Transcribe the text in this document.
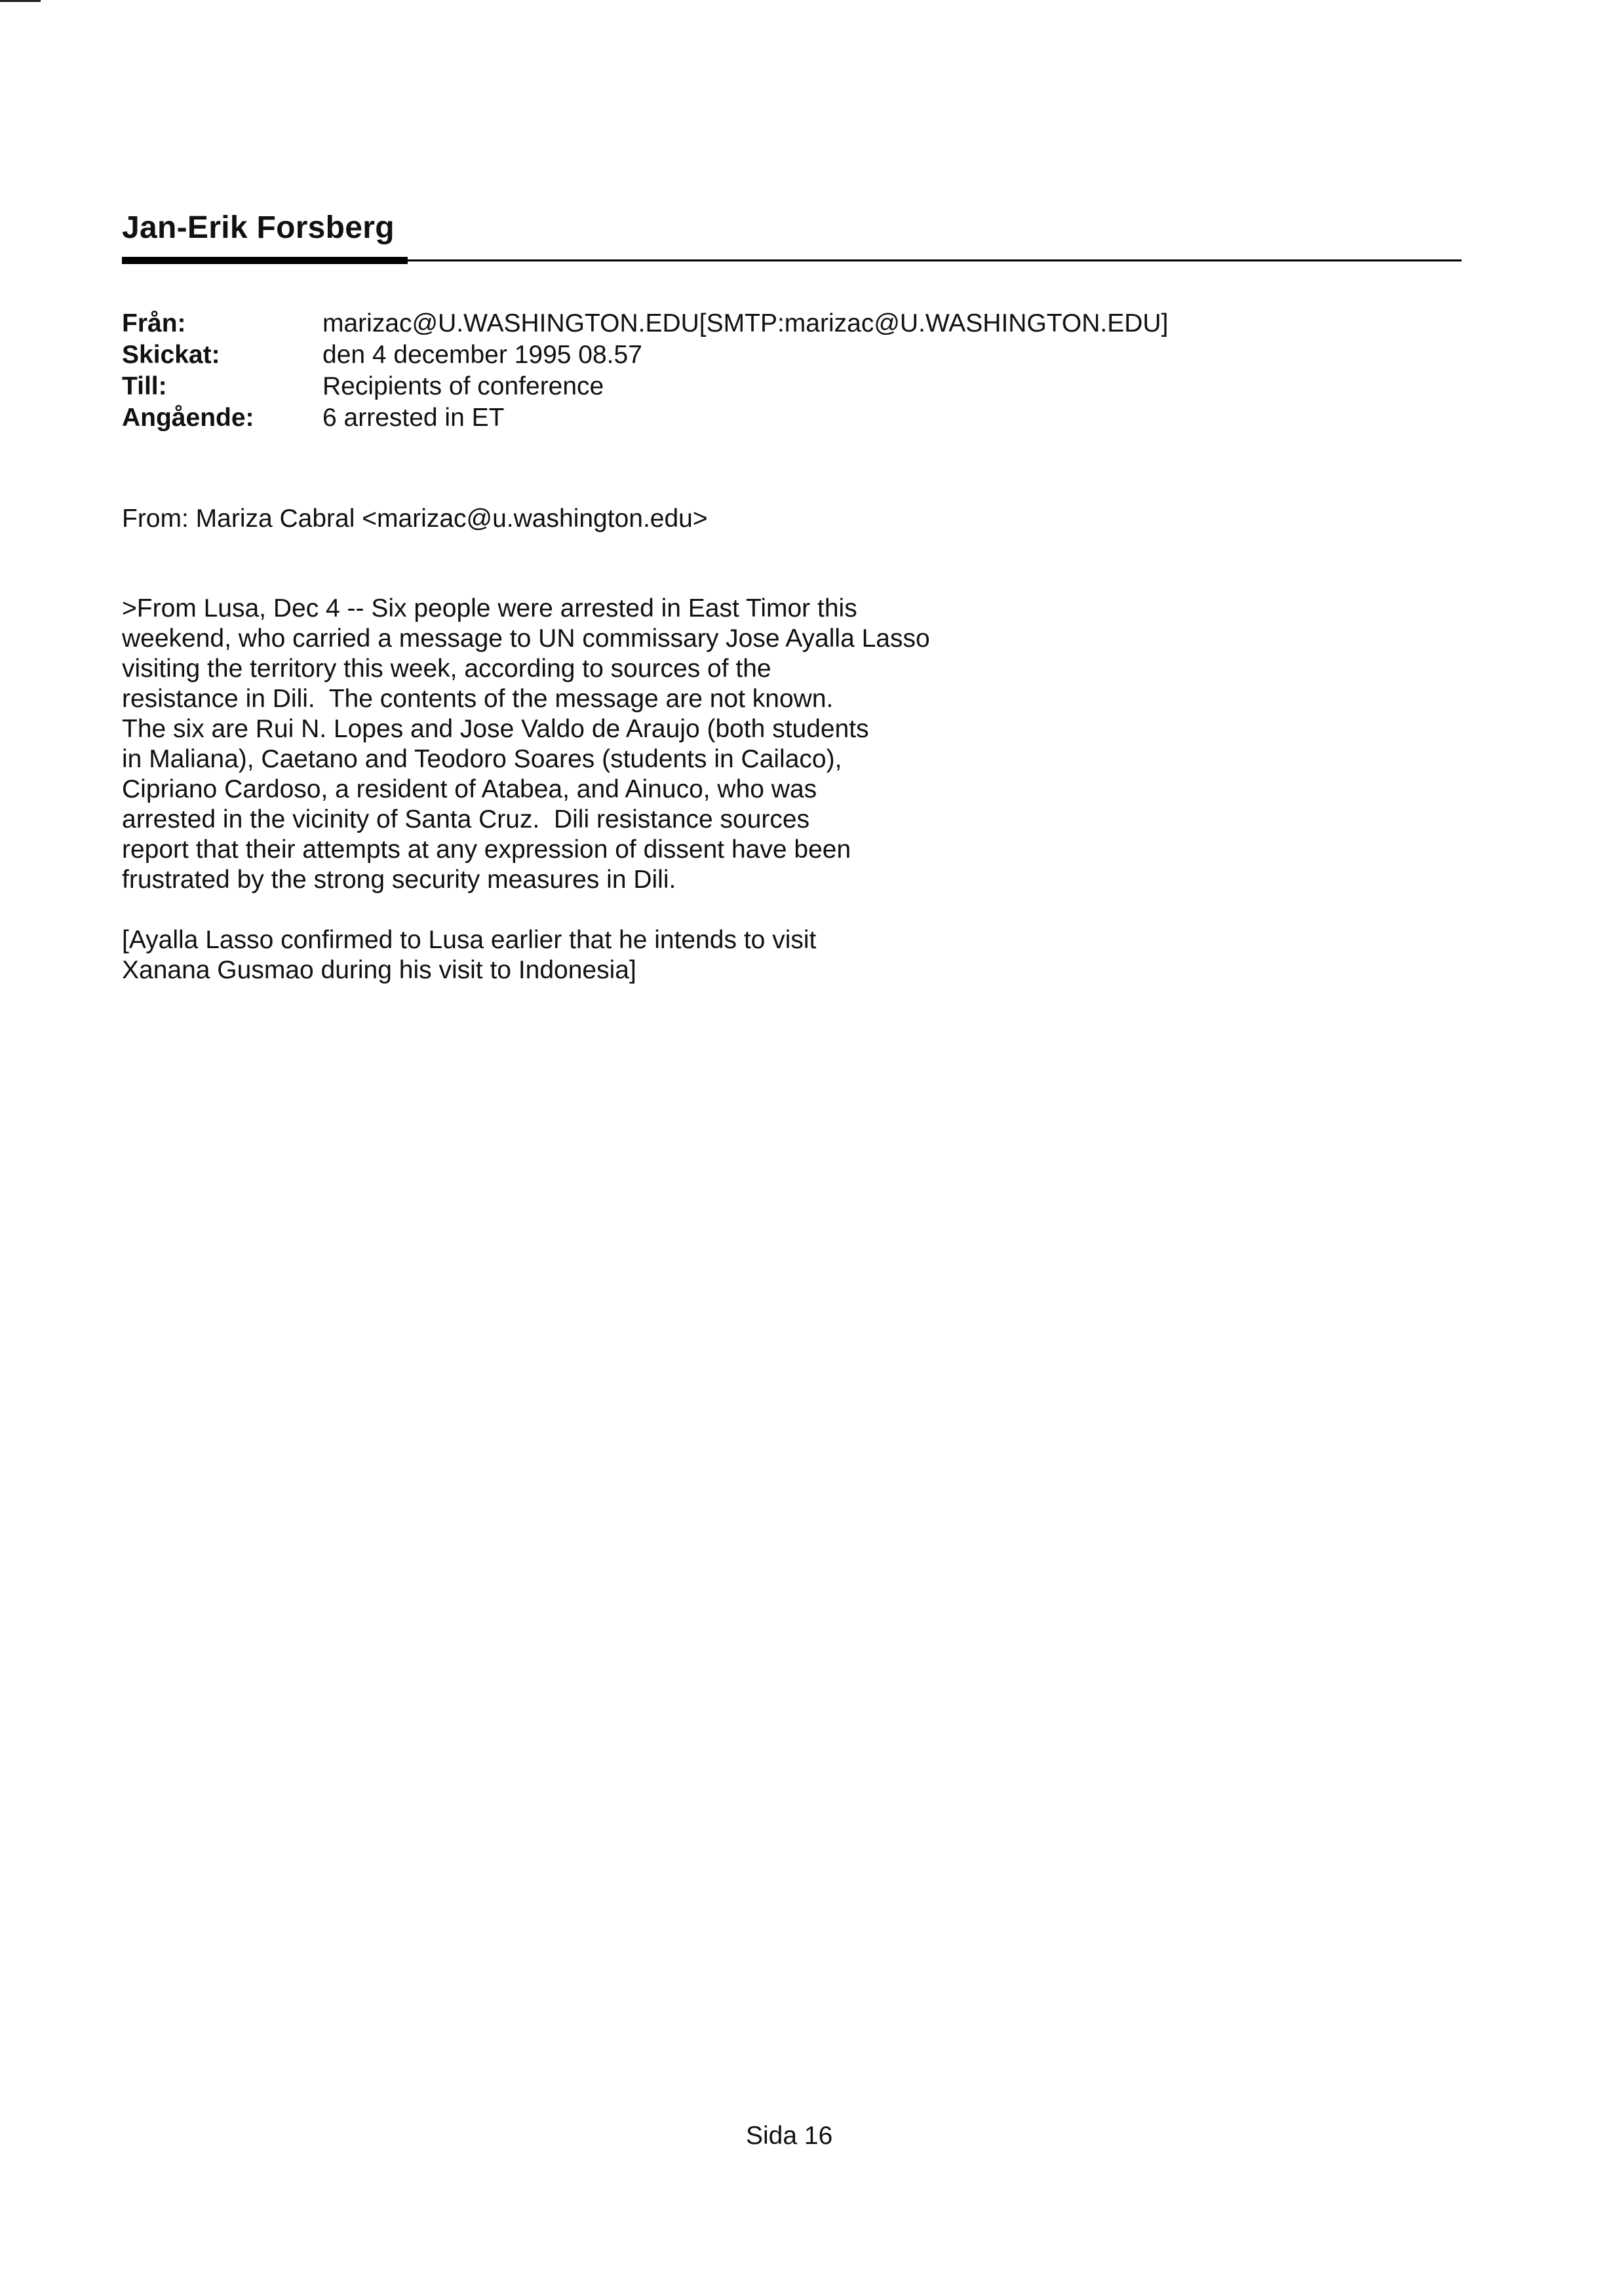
Jan-Erik Forsberg
Från:	marizac@U.WASHINGTON.EDU[SMTP:marizac@U.WASHINGTON.EDU]
Skickat:	den 4 december 1995 08.57
Till:	Recipients of conference
Angående:	6 arrested in ET
From: Mariza Cabral <marizac@u.washington.edu>
>From Lusa, Dec 4 -- Six people were arrested in East Timor this
weekend, who carried a message to UN commissary Jose Ayalla Lasso
visiting the territory this week, according to sources of the
resistance in Dili.  The contents of the message are not known.
The six are Rui N. Lopes and Jose Valdo de Araujo (both students
in Maliana), Caetano and Teodoro Soares (students in Cailaco),
Cipriano Cardoso, a resident of Atabea, and Ainuco, who was
arrested in the vicinity of Santa Cruz.  Dili resistance sources
report that their attempts at any expression of dissent have been
frustrated by the strong security measures in Dili.
[Ayalla Lasso confirmed to Lusa earlier that he intends to visit
Xanana Gusmao during his visit to Indonesia]
Sida 16
